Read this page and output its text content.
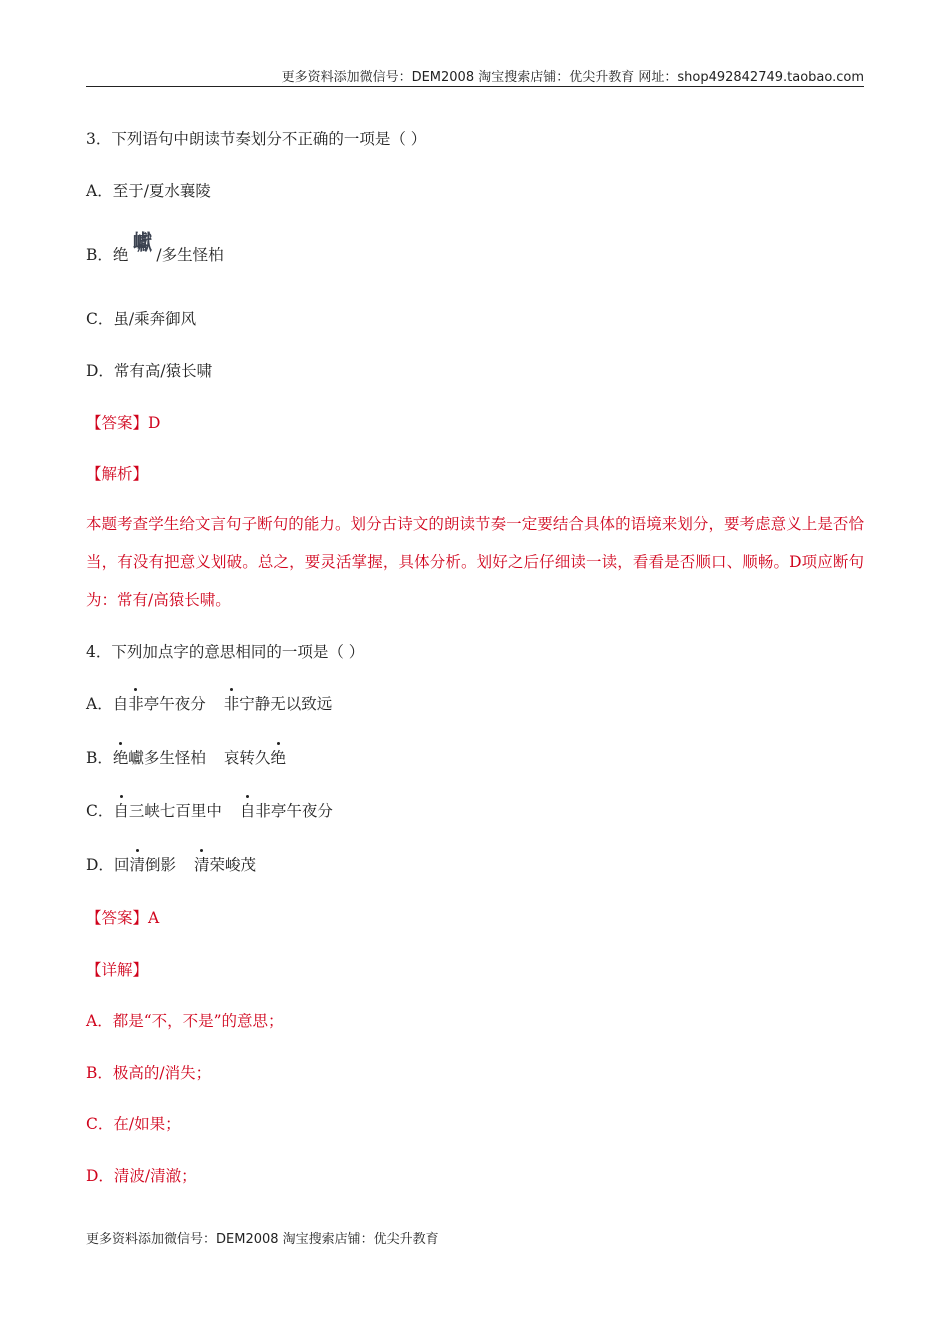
更多资料添加微信号：DEM2008 淘宝搜索店铺：优尖升教育 网址：shop492842749.taobao.com
3．下列语句中朗读节奏划分不正确的一项是（ ）
A．至于/夏水襄陵
B．绝 /多生怪柏
巘
C．虽/乘奔御风
D．常有高/猿长啸
【答案】D
【解析】
本题考查学生给文言句子断句的能力。划分古诗文的朗读节奏一定要结合具体的语境来划分，要考虑意义上是否恰当，有没有把意义划破。总之，要灵活掌握，具体分析。划好之后仔细读一读，看看是否顺口、顺畅。D项应断句为：常有/高猿长啸。
4．下列加点字的意思相同的一项是（ ）
A．自非亭午夜分 非宁静无以致远
B．绝巘多生怪柏 哀转久绝
C．自三峡七百里中 自非亭午夜分
D．回清倒影 清荣峻茂
【答案】A
【详解】
A．都是“不，不是”的意思；
B．极高的/消失；
C．在/如果；
D．清波/清澈；
更多资料添加微信号：DEM2008 淘宝搜索店铺：优尖升教育
